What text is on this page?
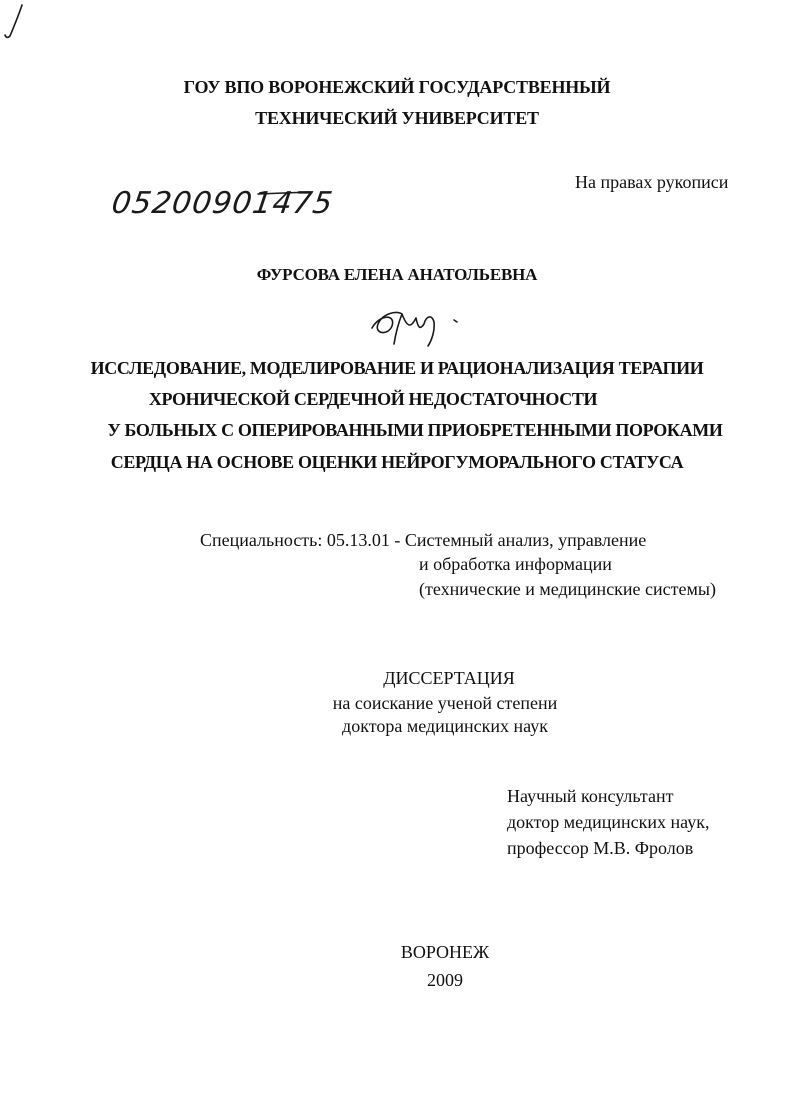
ГОУ ВПО ВОРОНЕЖСКИЙ ГОСУДАРСТВЕННЫЙ
ТЕХНИЧЕСКИЙ УНИВЕРСИТЕТ
На правах рукописи
05200901475
ФУРСОВА ЕЛЕНА АНАТОЛЬЕВНА
ИССЛЕДОВАНИЕ, МОДЕЛИРОВАНИЕ И РАЦИОНАЛИЗАЦИЯ ТЕРАПИИ
ХРОНИЧЕСКОЙ СЕРДЕЧНОЙ НЕДОСТАТОЧНОСТИ
У БОЛЬНЫХ С ОПЕРИРОВАННЫМИ ПРИОБРЕТЕННЫМИ ПОРОКАМИ
СЕРДЦА НА ОСНОВЕ ОЦЕНКИ НЕЙРОГУМОРАЛЬНОГО СТАТУСА
Специальность: 05.13.01 - Системный анализ, управление
и обработка информации
(технические и медицинские системы)
ДИССЕРТАЦИЯ
на соискание ученой степени
доктора медицинских наук
Научный консультант
доктор медицинских наук,
профессор М.В. Фролов
ВОРОНЕЖ
2009
